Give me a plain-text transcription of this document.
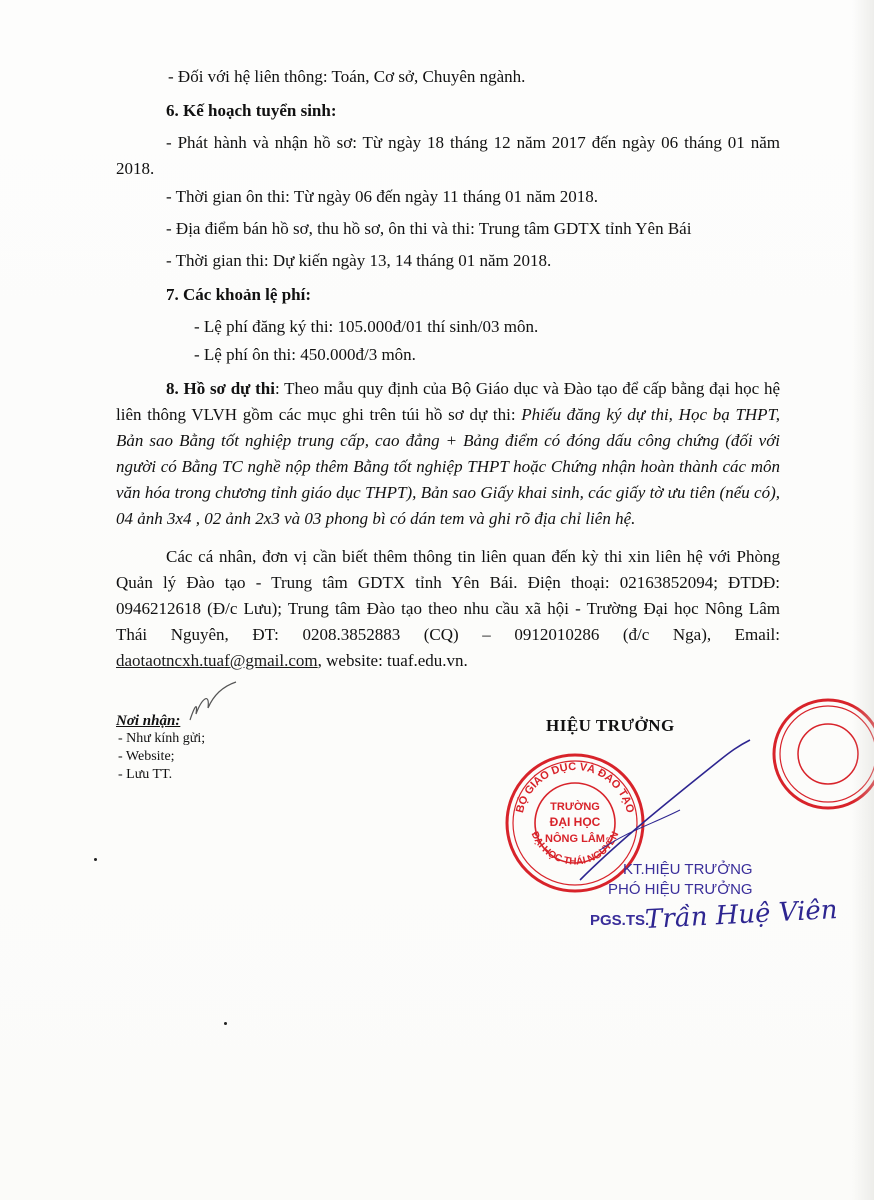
- Đối với hệ liên thông: Toán, Cơ sở, Chuyên ngành.

6. Kế hoạch tuyển sinh:

- Phát hành và nhận hồ sơ: Từ ngày 18 tháng 12 năm 2017 đến ngày 06 tháng 01 năm 2018.

- Thời gian ôn thi: Từ ngày 06 đến ngày 11 tháng 01 năm 2018.

- Địa điểm bán hồ sơ, thu hồ sơ, ôn thi và thi: Trung tâm GDTX tỉnh Yên Bái

- Thời gian thi: Dự kiến ngày 13, 14 tháng 01 năm 2018.

7. Các khoản lệ phí:

- Lệ phí đăng ký thi: 105.000đ/01 thí sinh/03 môn.

- Lệ phí ôn thi: 450.000đ/3 môn.

8. Hồ sơ dự thi: Theo mẫu quy định của Bộ Giáo dục và Đào tạo để cấp bằng đại học hệ liên thông VLVH gồm các mục ghi trên túi hồ sơ dự thi: Phiếu đăng ký dự thi, Học bạ THPT, Bản sao Bằng tốt nghiệp trung cấp, cao đẳng + Bảng điểm có đóng dấu công chứng (đối với người có Bằng TC nghề nộp thêm Bằng tốt nghiệp THPT hoặc Chứng nhận hoàn thành các môn văn hóa trong chương tỉnh giáo dục THPT), Bản sao Giấy khai sinh, các giấy tờ ưu tiên (nếu có), 04 ảnh 3x4 , 02 ảnh 2x3 và 03 phong bì có dán tem và ghi rõ địa chỉ liên hệ.

Các cá nhân, đơn vị cần biết thêm thông tin liên quan đến kỳ thi xin liên hệ với Phòng Quản lý Đào tạo - Trung tâm GDTX tỉnh Yên Bái. Điện thoại: 02163852094; ĐTDĐ: 0946212618 (Đ/c Lưu); Trung tâm Đào tạo theo nhu cầu xã hội - Trường Đại học Nông Lâm Thái Nguyên, ĐT: 0208.3852883 (CQ) – 0912010286 (đ/c Nga), Email: daotaotncxh.tuaf@gmail.com, website: tuaf.edu.vn.

Nơi nhận:
- Như kính gửi;
- Website;
- Lưu TT.
HIỆU TRƯỞNG
BỘ GIÁO DỤC VÀ ĐÀO TẠO
ĐẠI HỌC THÁI NGUYÊN
TRƯỜNG
ĐẠI HỌC
NÔNG LÂM
KT.HIỆU TRƯỞNG
PHÓ HIỆU TRƯỞNG
PGS.TS.
Trần Huệ Viên
